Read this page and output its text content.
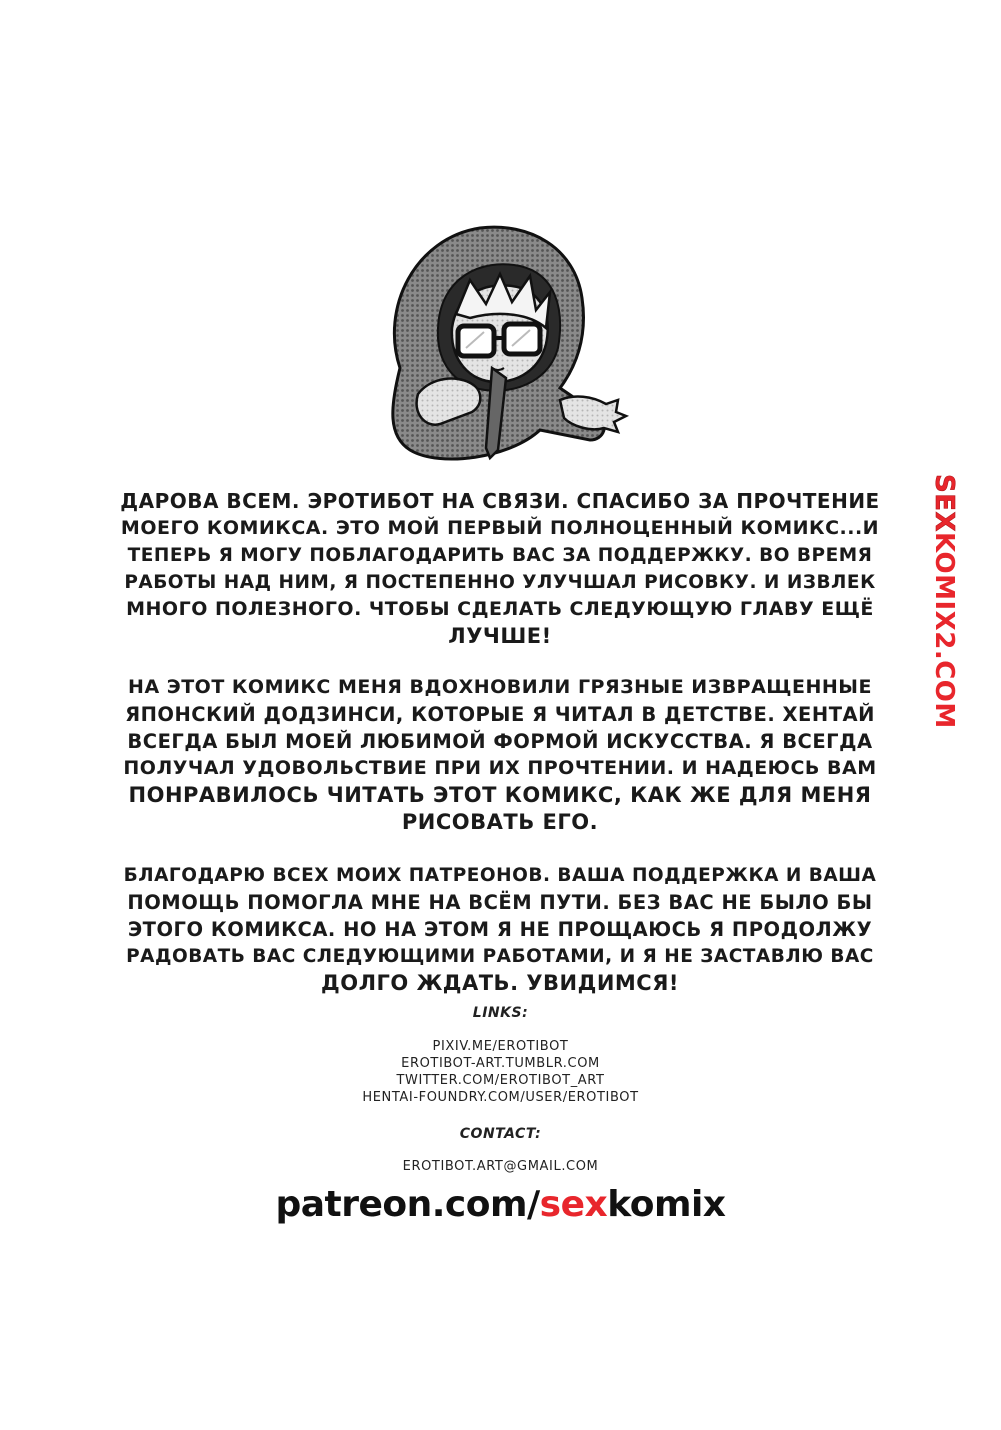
ДАРОВА ВСЕМ. ЭРОТИБОТ НА СВЯЗИ. СПАСИБО ЗА ПРОЧТЕНИЕ
МОЕГО КОМИКСА. ЭТО МОЙ ПЕРВЫЙ ПОЛНОЦЕННЫЙ КОМИКС...И
ТЕПЕРЬ Я МОГУ ПОБЛАГОДАРИТЬ ВАС ЗА ПОДДЕРЖКУ. ВО ВРЕМЯ
РАБОТЫ НАД НИМ, Я ПОСТЕПЕННО УЛУЧШАЛ РИСОВКУ. И ИЗВЛЕК
МНОГО ПОЛЕЗНОГО. ЧТОБЫ СДЕЛАТЬ СЛЕДУЮЩУЮ ГЛАВУ ЕЩЁ
ЛУЧШЕ!
НА ЭТОТ КОМИКС МЕНЯ ВДОХНОВИЛИ ГРЯЗНЫЕ ИЗВРАЩЕННЫЕ
ЯПОНСКИЙ ДОДЗИНСИ, КОТОРЫЕ Я ЧИТАЛ В ДЕТСТВЕ. ХЕНТАЙ
ВСЕГДА БЫЛ МОЕЙ ЛЮБИМОЙ ФОРМОЙ ИСКУССТВА. Я ВСЕГДА
ПОЛУЧАЛ УДОВОЛЬСТВИЕ ПРИ ИХ ПРОЧТЕНИИ. И НАДЕЮСЬ ВАМ
ПОНРАВИЛОСЬ ЧИТАТЬ ЭТОТ КОМИКС, КАК ЖЕ ДЛЯ МЕНЯ
РИСОВАТЬ ЕГО.
БЛАГОДАРЮ ВСЕХ МОИХ ПАТРЕОНОВ. ВАША ПОДДЕРЖКА И ВАША
ПОМОЩЬ ПОМОГЛА МНЕ НА ВСЁМ ПУТИ. БЕЗ ВАС НЕ БЫЛО БЫ
ЭТОГО КОМИКСА. НО НА ЭТОМ Я НЕ ПРОЩАЮСЬ Я ПРОДОЛЖУ
РАДОВАТЬ ВАС СЛЕДУЮЩИМИ РАБОТАМИ, И Я НЕ ЗАСТАВЛЮ ВАС
ДОЛГО ЖДАТЬ. УВИДИМСЯ!
LINKS:
PIXIV.ME/EROTIBOT
EROTIBOT-ART.TUMBLR.COM
TWITTER.COM/EROTIBOT_ART
HENTAI-FOUNDRY.COM/USER/EROTIBOT
CONTACT:
EROTIBOT.ART@GMAIL.COM
patreon.com/sexkomix
SEXKOMIX2.COM
